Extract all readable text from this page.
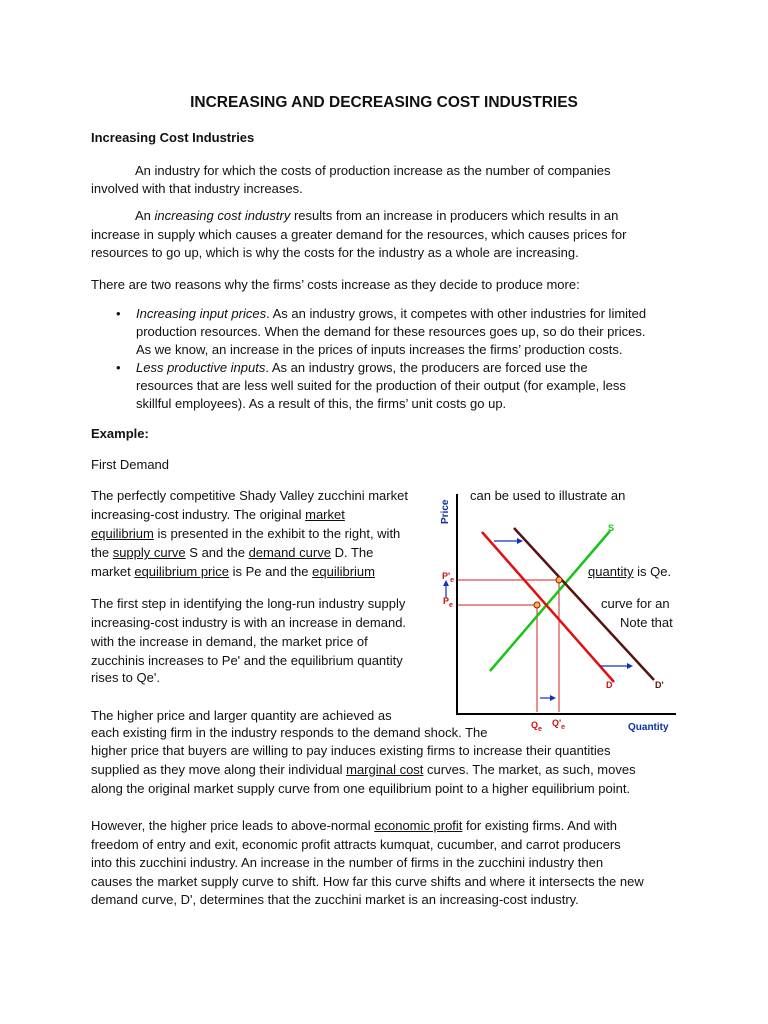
INCREASING AND DECREASING COST INDUSTRIES

Increasing Cost Industries

An industry for which the costs of production increase as the number of companies

involved with that industry increases.

An increasing cost industry results from an increase in producers which results in an

increase in supply which causes a greater demand for the resources, which causes prices for

resources to go up, which is why the costs for the industry as a whole are increasing.

There are two reasons why the firms’ costs increase as they decide to produce more:

• Increasing input prices. As an industry grows, it competes with other industries for limited

production resources. When the demand for these resources goes up, so do their prices.

As we know, an increase in the prices of inputs increases the firms’ production costs.

• Less productive inputs. As an industry grows, the producers are forced use the

resources that are less well suited for the production of their output (for example, less

skillful employees). As a result of this, the firms’ unit costs go up.

Example:

First Demand

The perfectly competitive Shady Valley zucchini market	can be used to illustrate an

increasing-cost industry. The original market

equilibrium is presented in the exhibit to the right, with

the supply curve S and the demand curve D. The

market equilibrium price is Pe and the equilibrium	quantity is Qe.

The first step in identifying the long-run industry supply	curve for an

increasing-cost industry is with an increase in demand.	Note that

with the increase in demand, the market price of

zucchinis increases to Pe' and the equilibrium quantity

rises to Qe'.

The higher price and larger quantity are achieved as

each existing firm in the industry responds to the demand shock. The

higher price that buyers are willing to pay induces existing firms to increase their quantities

supplied as they move along their individual marginal cost curves. The market, as such, moves

along the original market supply curve from one equilibrium point to a higher equilibrium point.

However, the higher price leads to above-normal economic profit for existing firms. And with

freedom of entry and exit, economic profit attracts kumquat, cucumber, and carrot producers

into this zucchini industry. An increase in the number of firms in the zucchini industry then

causes the market supply curve to shift. How far this curve shifts and where it intersects the new

demand curve, D', determines that the zucchini market is an increasing-cost industry.

Price
Quantity
S
D	D'
$P'_e$
$P_e$
$Q_e$
$Q'_e$
